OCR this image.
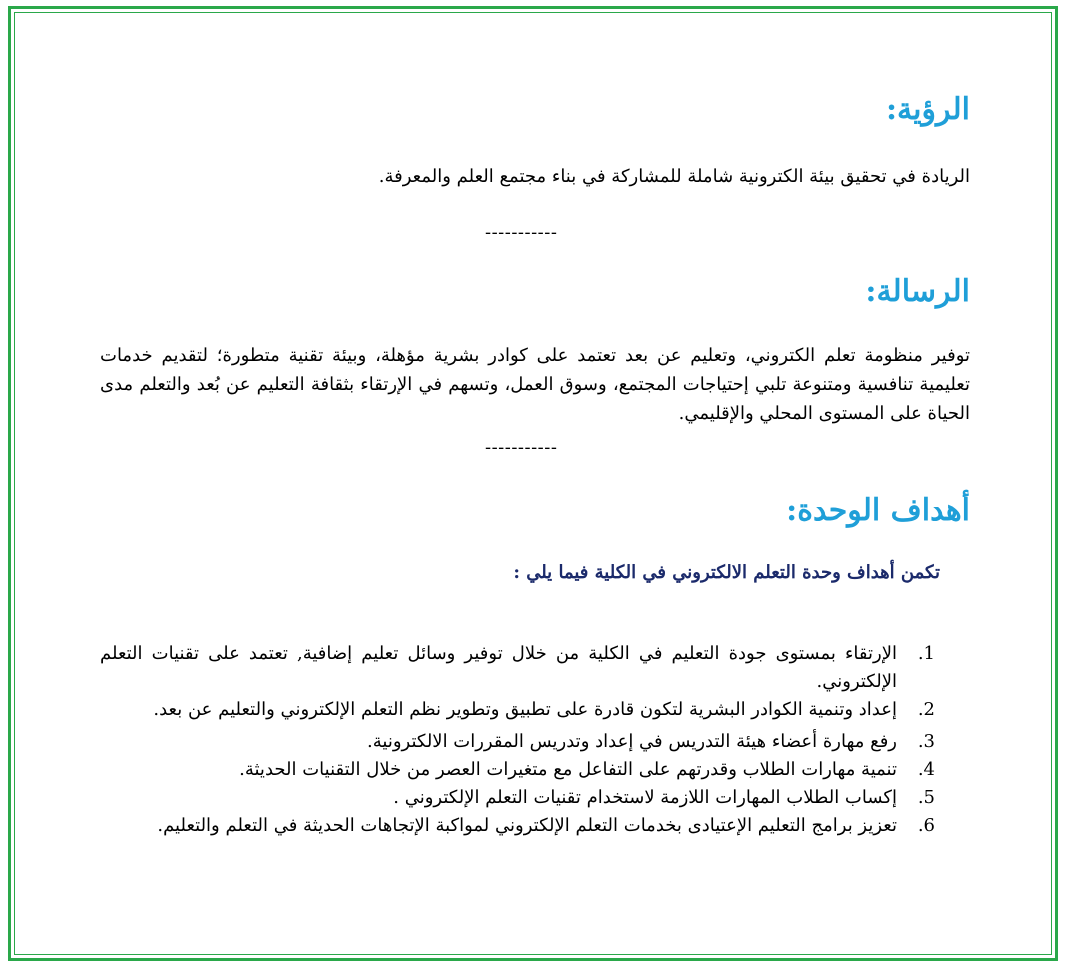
الرؤية:
الريادة في تحقيق بيئة الكترونية شاملة للمشاركة في بناء مجتمع العلم والمعرفة.
-----------
الرسالة:
توفير منظومة تعلم الكتروني، وتعليم عن بعد تعتمد على كوادر بشرية مؤهلة، وبيئة تقنية متطورة؛ لتقديم خدمات تعليمية تنافسية ومتنوعة تلبي إحتياجات المجتمع، وسوق العمل، وتسهم في الإرتقاء بثقافة التعليم عن بُعد والتعلم مدى الحياة على المستوى المحلي والإقليمي.
-----------
أهداف الوحدة:
تكمن أهداف وحدة التعلم الالكتروني في الكلية فيما يلي :
1.
الإرتقاء بمستوى جودة التعليم في الكلية من خلال توفير وسائل تعليم إضافية, تعتمد على تقنيات التعلم الإلكتروني.
2.
إعداد وتنمية الكوادر البشرية لتكون قادرة على تطبيق وتطوير نظم التعلم الإلكتروني والتعليم عن بعد.
3.
رفع مهارة أعضاء هيئة التدريس في إعداد وتدريس المقررات الالكترونية.
4.
تنمية مهارات الطلاب وقدرتهم على التفاعل مع متغيرات العصر من خلال التقنيات الحديثة.
5.
إكساب الطلاب المهارات اللازمة لاستخدام تقنيات التعلم الإلكتروني .
6.
تعزيز برامج التعليم الإعتيادى بخدمات التعلم الإلكتروني لمواكبة الإتجاهات الحديثة في التعلم والتعليم.
